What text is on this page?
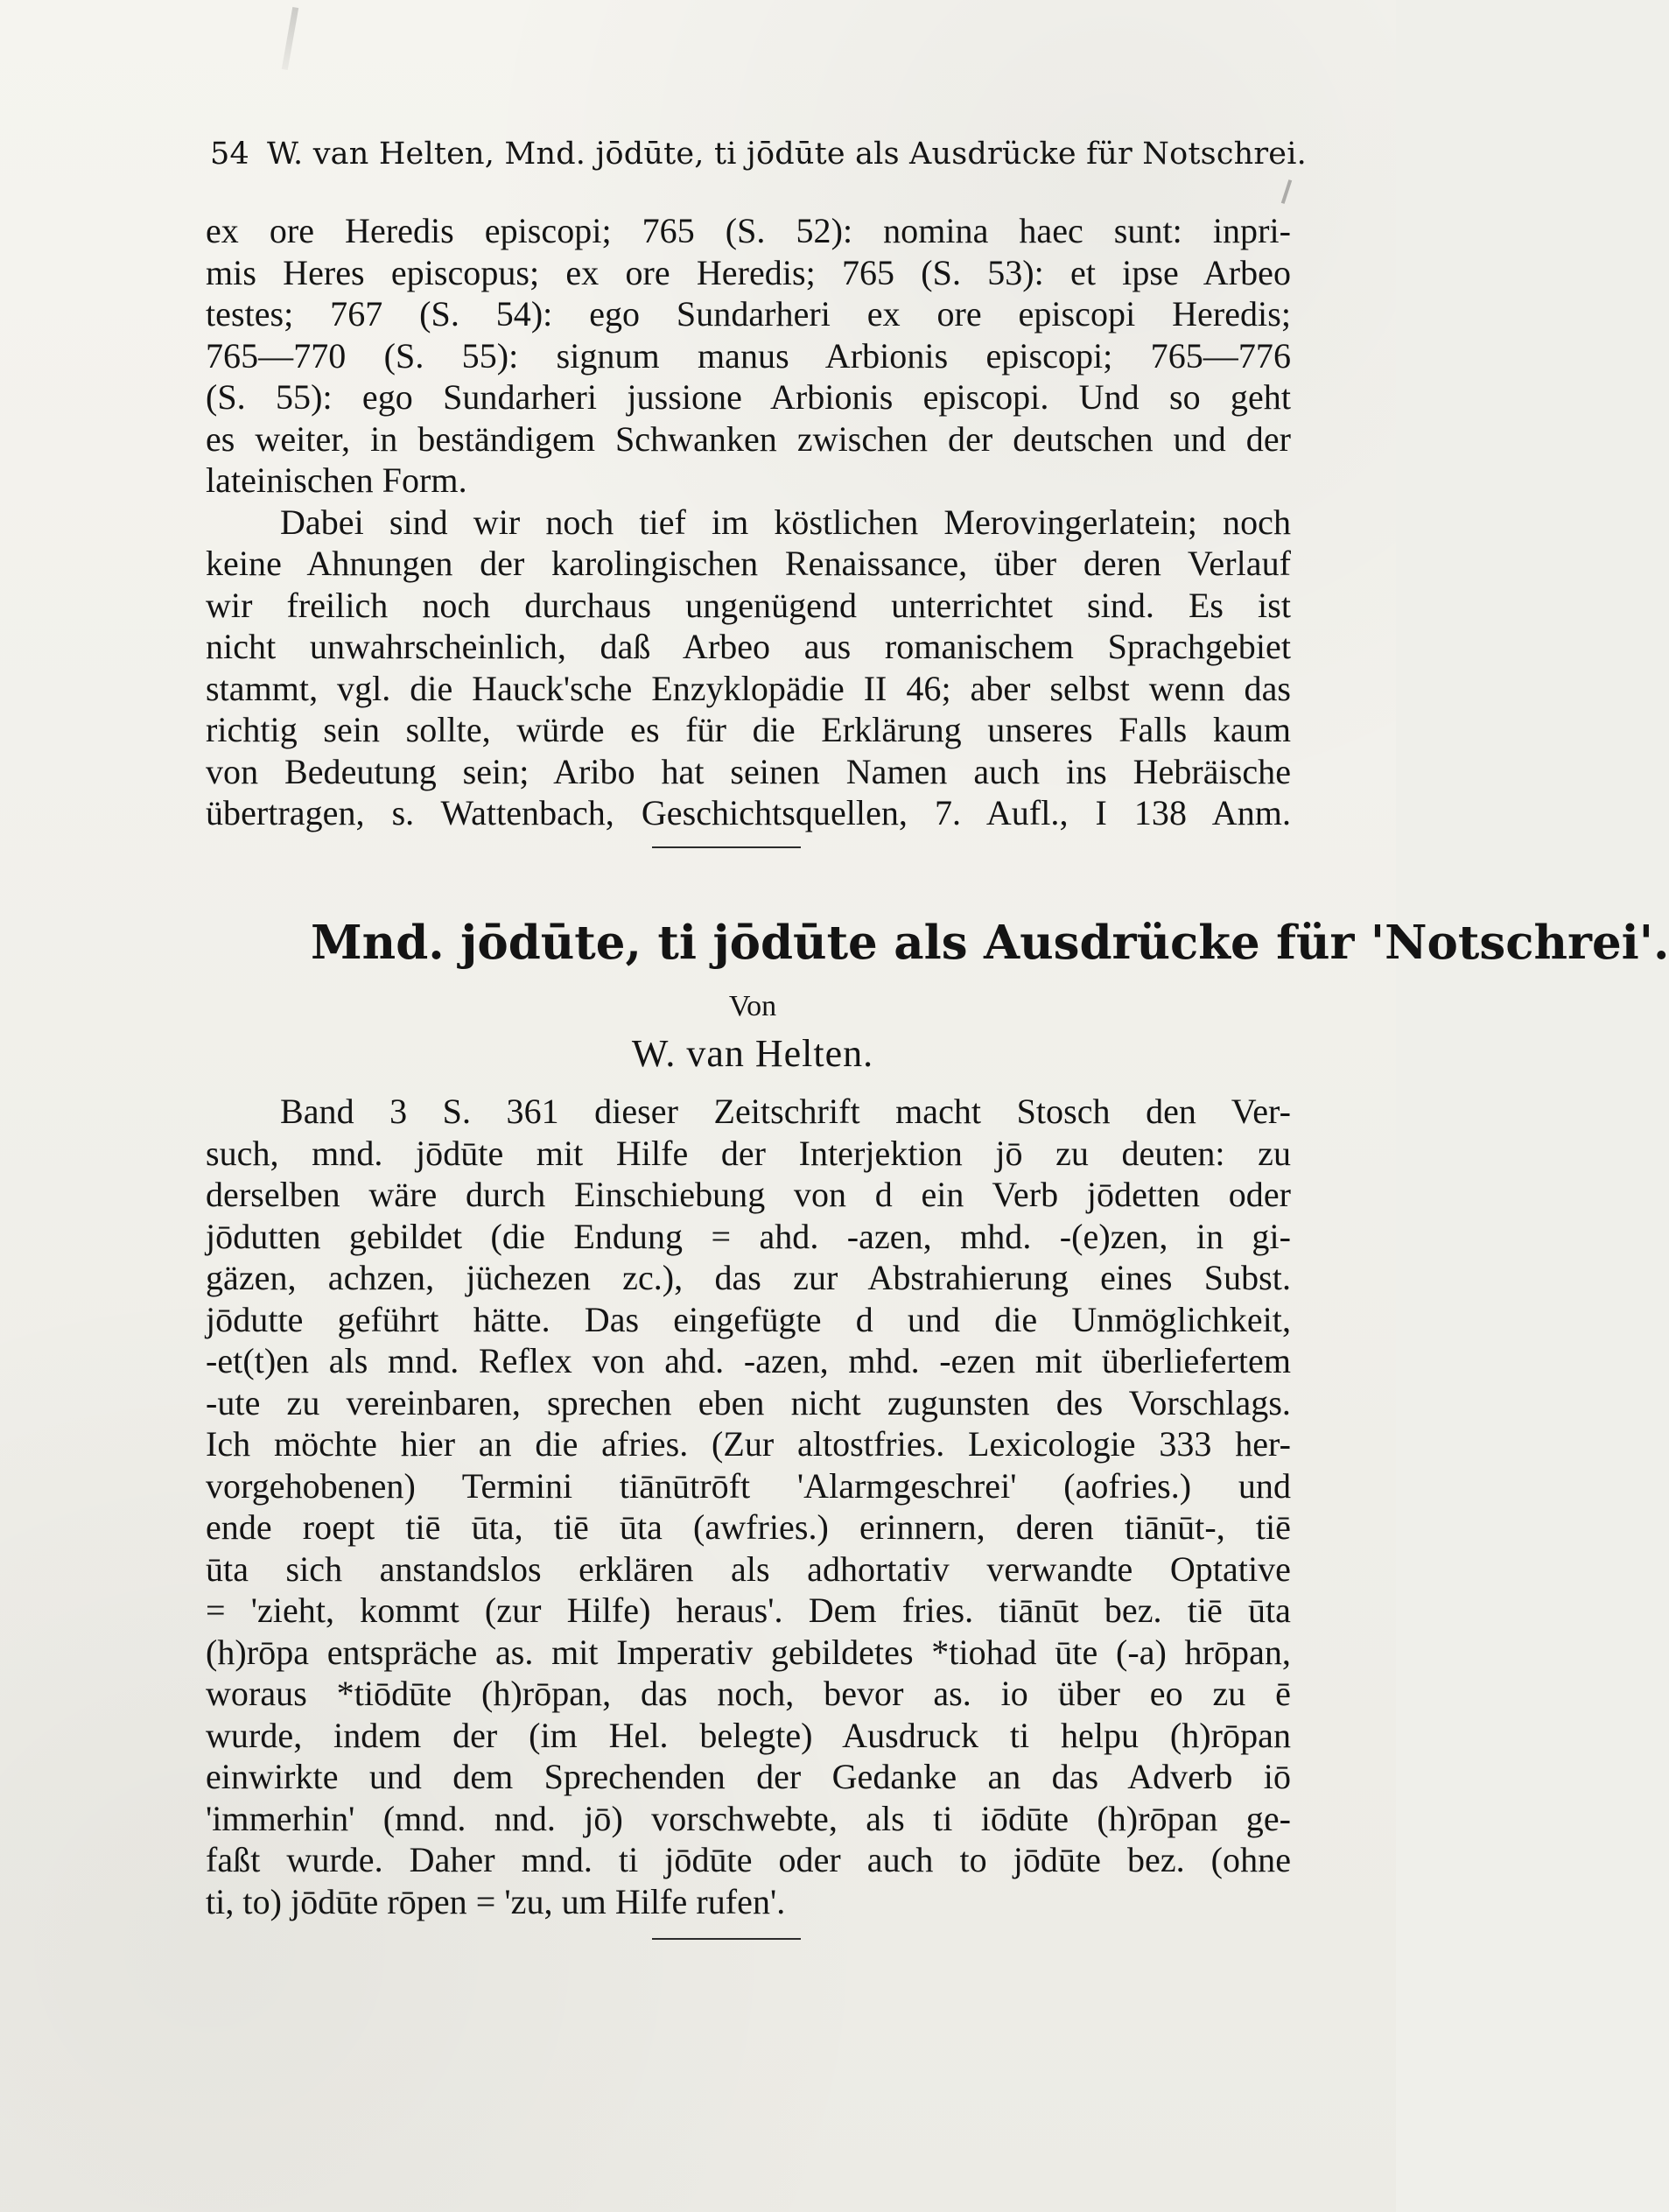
54 W. van Helten, Mnd. jōdūte, ti jōdūte als Ausdrücke für Notschrei.
ex ore Heredis episcopi; 765 (S. 52): nomina haec sunt: inpri-
mis Heres episcopus; ex ore Heredis; 765 (S. 53): et ipse Arbeo
testes; 767 (S. 54): ego Sundarheri ex ore episcopi Heredis;
765—770 (S. 55): signum manus Arbionis episcopi; 765—776
(S. 55): ego Sundarheri jussione Arbionis episcopi. Und so geht
es weiter, in beständigem Schwanken zwischen der deutschen und der
lateinischen Form.
Dabei sind wir noch tief im köstlichen Merovingerlatein; noch
keine Ahnungen der karolingischen Renaissance, über deren Verlauf
wir freilich noch durchaus ungenügend unterrichtet sind. Es ist
nicht unwahrscheinlich, daß Arbeo aus romanischem Sprachgebiet
stammt, vgl. die Hauck'sche Enzyklopädie II 46; aber selbst wenn das
richtig sein sollte, würde es für die Erklärung unseres Falls kaum
von Bedeutung sein; Aribo hat seinen Namen auch ins Hebräische
übertragen, s. Wattenbach, Geschichtsquellen, 7. Aufl., I 138 Anm.
Mnd. jōdūte, ti jōdūte als Ausdrücke für 'Notschrei'.
Von
W. van Helten.
Band 3 S. 361 dieser Zeitschrift macht Stosch den Ver-
such, mnd. jōdūte mit Hilfe der Interjektion jō zu deuten: zu
derselben wäre durch Einschiebung von d ein Verb jōdetten oder
jōdutten gebildet (die Endung = ahd. -azen, mhd. -(e)zen, in gi-
gäzen, achzen, jüchezen zc.), das zur Abstrahierung eines Subst.
jōdutte geführt hätte. Das eingefügte d und die Unmöglichkeit,
-et(t)en als mnd. Reflex von ahd. -azen, mhd. -ezen mit überliefertem
-ute zu vereinbaren, sprechen eben nicht zugunsten des Vorschlags.
Ich möchte hier an die afries. (Zur altostfries. Lexicologie 333 her-
vorgehobenen) Termini tiānūtrōft 'Alarmgeschrei' (aofries.) und
ende roept tiē ūta, tiē ūta (awfries.) erinnern, deren tiānūt-, tiē
ūta sich anstandslos erklären als adhortativ verwandte Optative
= 'zieht, kommt (zur Hilfe) heraus'. Dem fries. tiānūt bez. tiē ūta
(h)rōpa entspräche as. mit Imperativ gebildetes *tiohad ūte (-a) hrōpan,
woraus *tiōdūte (h)rōpan, das noch, bevor as. io über eo zu ē
wurde, indem der (im Hel. belegte) Ausdruck ti helpu (h)rōpan
einwirkte und dem Sprechenden der Gedanke an das Adverb iō
'immerhin' (mnd. nnd. jō) vorschwebte, als ti iōdūte (h)rōpan ge-
faßt wurde. Daher mnd. ti jōdūte oder auch to jōdūte bez. (ohne
ti, to) jōdūte rōpen = 'zu, um Hilfe rufen'.
